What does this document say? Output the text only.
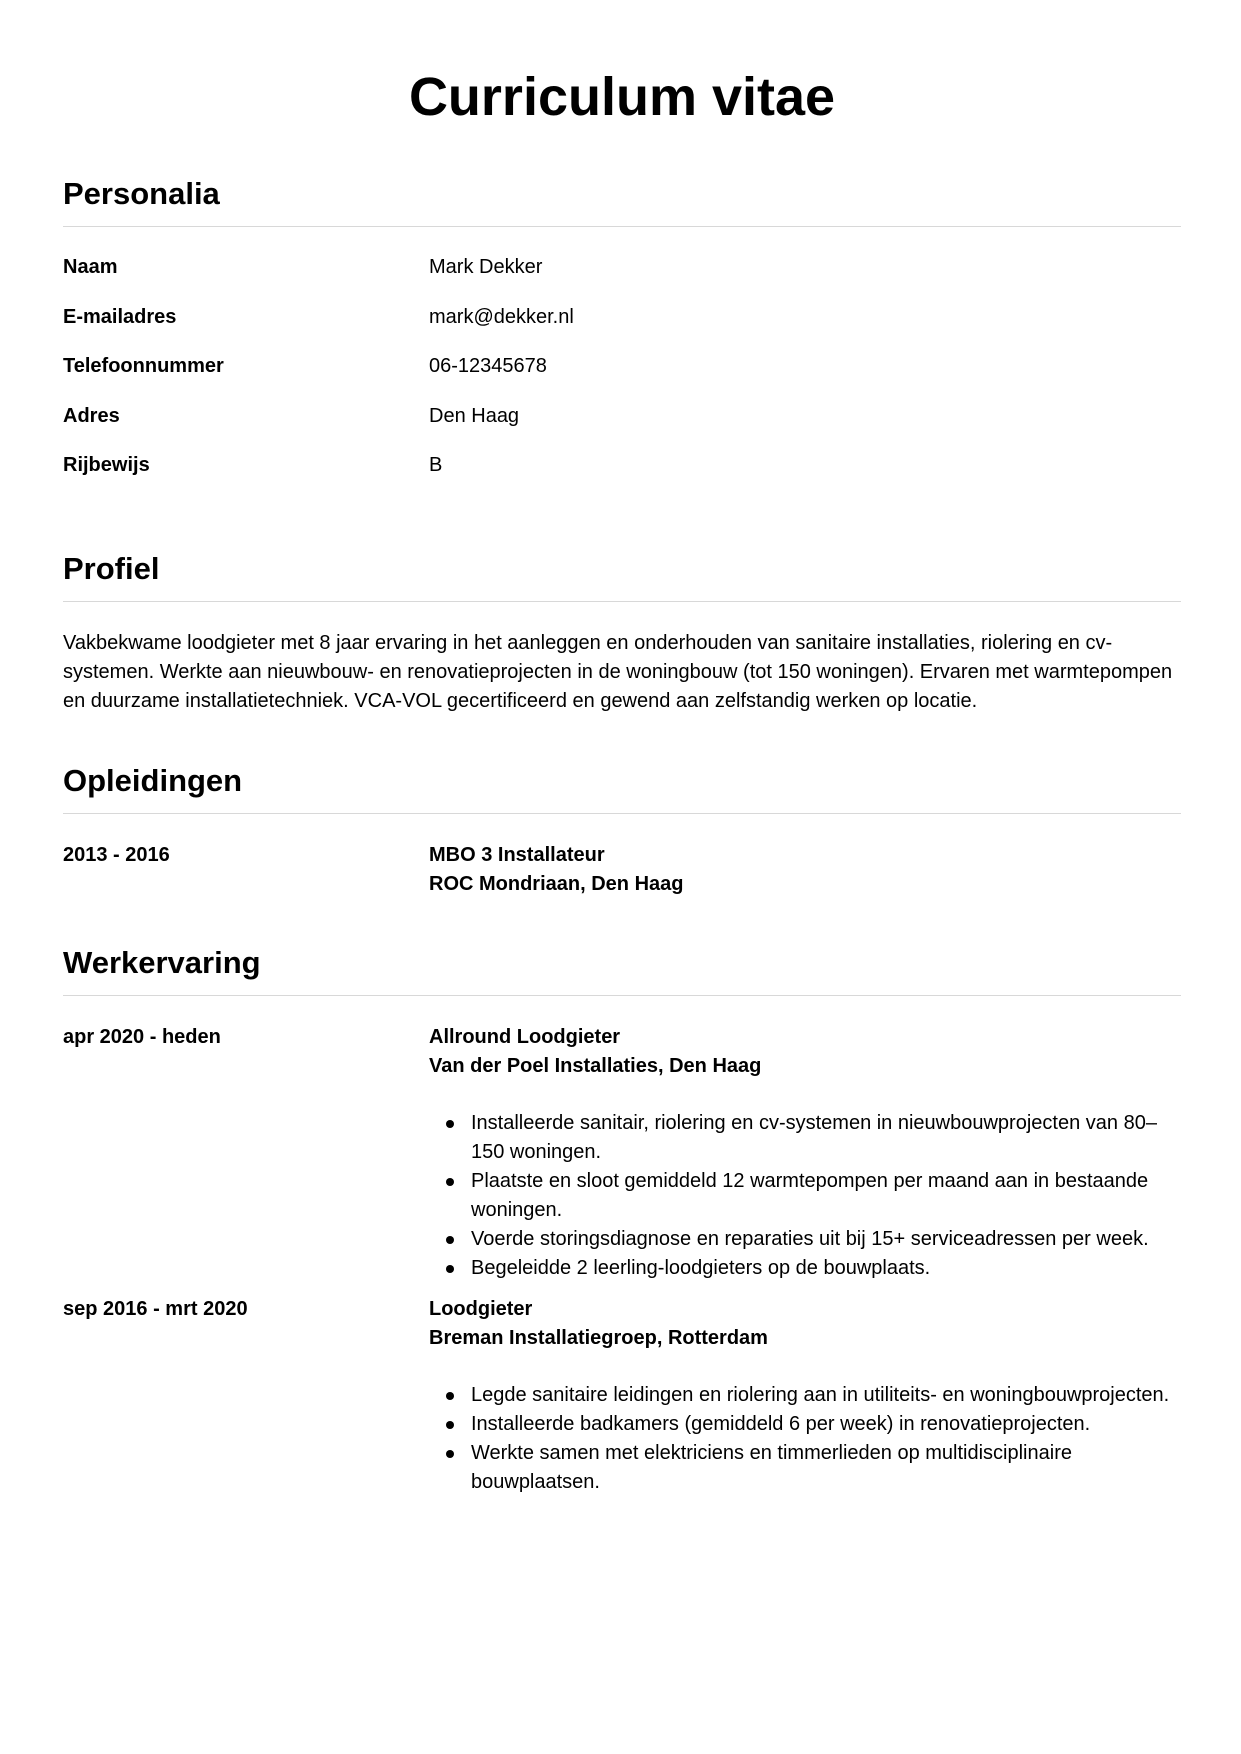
Curriculum vitae
Personalia
Naam	Mark Dekker
E-mailadres	mark@dekker.nl
Telefoonnummer	06-12345678
Adres	Den Haag
Rijbewijs	B
Profiel

Vakbekwame loodgieter met 8 jaar ervaring in het aanleggen en onderhouden van sanitaire installaties, riolering en cv-systemen. Werkte aan nieuwbouw- en renovatieprojecten in de woningbouw (tot 150 woningen). Ervaren met warmtepompen en duurzame installatietechniek. VCA-VOL gecertificeerd en gewend aan zelfstandig werken op locatie.

Opleidingen
2013 - 2016	MBO 3 Installateur
ROC Mondriaan, Den Haag
Werkervaring
apr 2020 - heden	Allround Loodgieter
Van der Poel Installaties, Den Haag
Installeerde sanitair, riolering en cv-systemen in nieuwbouwprojecten van 80–150 woningen.
Plaatste en sloot gemiddeld 12 warmtepompen per maand aan in bestaande woningen.
Voerde storingsdiagnose en reparaties uit bij 15+ serviceadressen per week.
Begeleidde 2 leerling-loodgieters op de bouwplaats.
sep 2016 - mrt 2020	Loodgieter
Breman Installatiegroep, Rotterdam
Legde sanitaire leidingen en riolering aan in utiliteits- en woningbouwprojecten.
Installeerde badkamers (gemiddeld 6 per week) in renovatieprojecten.
Werkte samen met elektriciens en timmerlieden op multidisciplinaire bouwplaatsen.
